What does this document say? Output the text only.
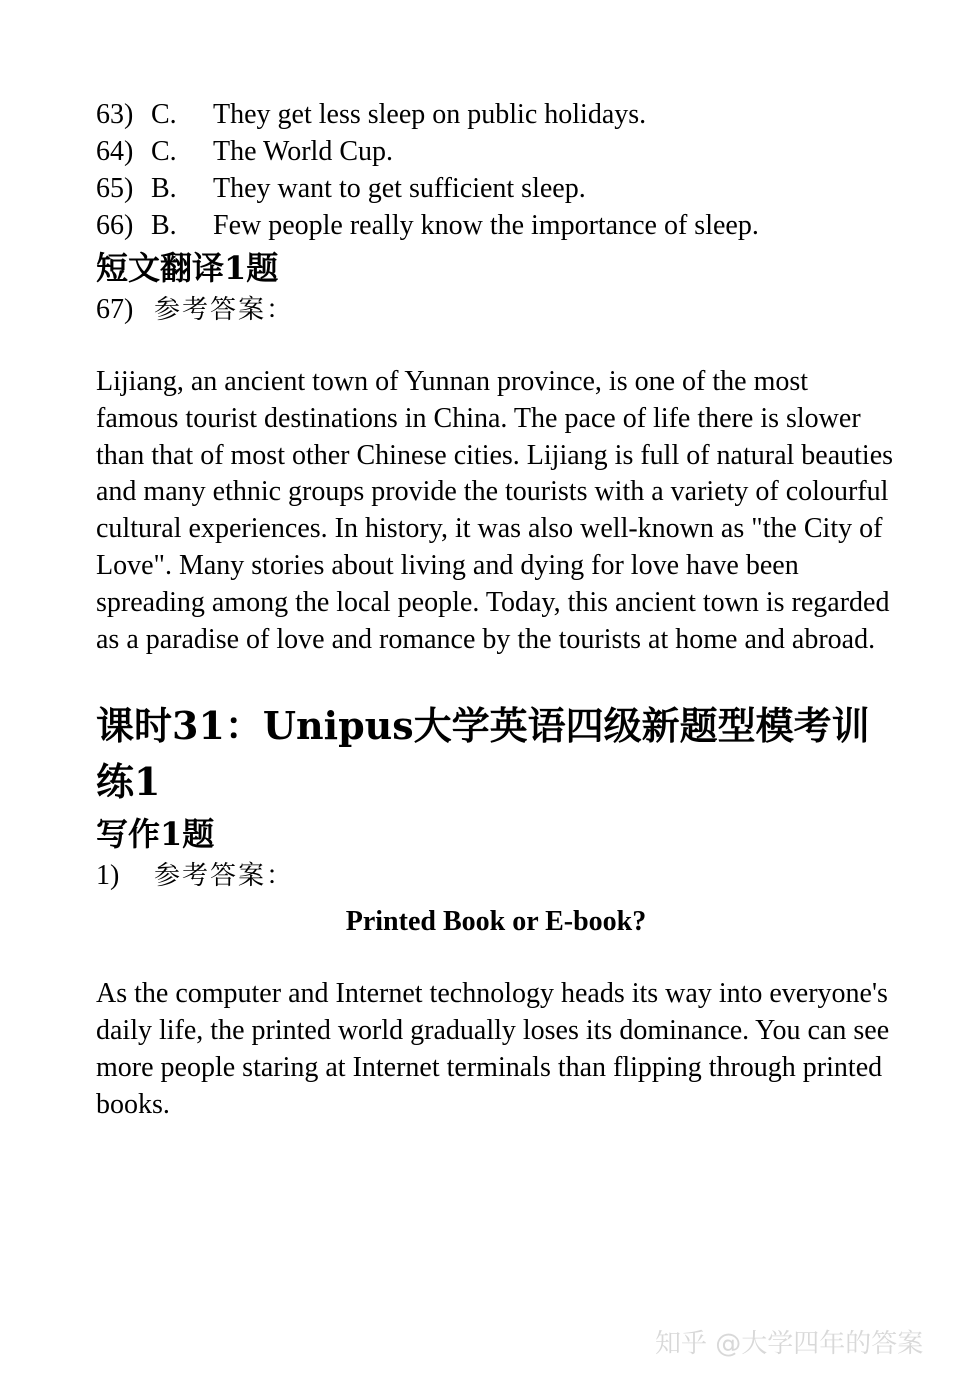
63) C. They get less sleep on public holidays.
64) C. The World Cup.
65) B. They want to get sufficient sleep.
66) B. Few people really know the importance of sleep.
短文翻译1题
67) 参考答案：
Lijiang, an ancient town of Yunnan province, is one of the most famous tourist destinations in China. The pace of life there is slower than that of most other Chinese cities. Lijiang is full of natural beauties and many ethnic groups provide the tourists with a variety of colourful cultural experiences. In history, it was also well-known as "the City of Love". Many stories about living and dying for love have been spreading among the local people. Today, this ancient town is regarded as a paradise of love and romance by the tourists at home and abroad.
课时31：Unipus大学英语四级新题型模考训练1
写作1题
1) 参考答案：
Printed Book or E-book?
As the computer and Internet technology heads its way into everyone's daily life, the printed world gradually loses its dominance. You can see more people staring at Internet terminals than flipping through printed books.
知乎 @大学四年的答案
